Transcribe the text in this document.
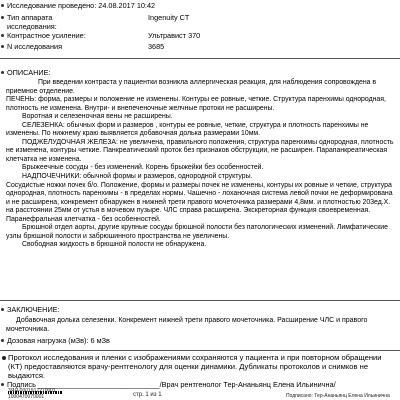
Исследование проведено: 24.08.2017 10:42
Тип аппарата исследования:
Ingenuity CT
Контрастное усиление:	Ультравист 370
N исследования	3685
ОПИСАНИЕ:

При введении контраста у пациентки возникла аллергическая реакция, для наблюдения сопровождена в приемное отделение.

ПЕЧЕНЬ: форма, размеры и положение не изменены. Контуры ее ровные, четкие. Структура паренхимы однородная, плотность не изменена. Внутри- и внепеченочные желчные протоки не расширены.

Воротная и селезеночная вены не расширены.

СЕЛЕЗЕНКА: обычных форм и размеров , контуры ее ровные, четкие, структура и плотность паренхимы не изменены. По нижнему краю выявляется добавочная долька размерами 10мм.

ПОДЖЕЛУДОЧНАЯ ЖЕЛЕЗА: не увеличена, правильного положения, структура паренхимы однородная, плотность не изменена, контуры четкие. Панкреатический проток без признаков обструкции, не расширен. Парапанкреатическая клетчатка не изменена.

Брыжеечные сосуды - без изменений. Корень брыжейки без особенностей.

НАДПОЧЕЧНИКИ: обычной формы и размеров, однородной структуры.

Сосудистые ножки почек б/о. Положение, формы и размеры почек не изменены, контуры их ровные и четкие, структура однородная, плотность паренхимы - в пределах нормы. Чашечно - лоханочная система левой почки не деформирована и не расширена, конкремент обнаружен в нижней трети правого мочеточника размерами 4,8мм. и плотностью 203ед.Х. на расстоянии 25мм от устья в мочевом пузыре. ЧЛС справа расширена. Экскреторная функция своевременная. Паранефральная клетчатка - без особенностей.

Брюшной отдел аорты, другие крупные сосуды брюшной полости без патологических изменений. Лимфатические узлы брюшной полости и забрюшинного пространства не увеличены.

Свободная жидкость в брюшной полости не обнаружена.

ЗАКЛЮЧЕНИЕ:

Добавочная долька селезенки. Конкремент нижней трети правого мочеточника. Расширение ЧЛС и правого мочеточника.

Дозовая нагрузка (мЗв): 6 мЗв
Протокол исследования и пленки с изображениями сохраняются у пациента и при повторном обращении (КТ) предоставляются врачу-рентгенологу для оценки динамики. Дубликаты протоколов и снимков не выдаются.
Подпись ______________________________/Врач рентгенолог Тер-Ананьянц Елена Ильинична/
3ЯЯ-0001917270001
1000470070001	стр. 1 из 1	Подписано: Тер-Ананьянц Елена Ильинична
